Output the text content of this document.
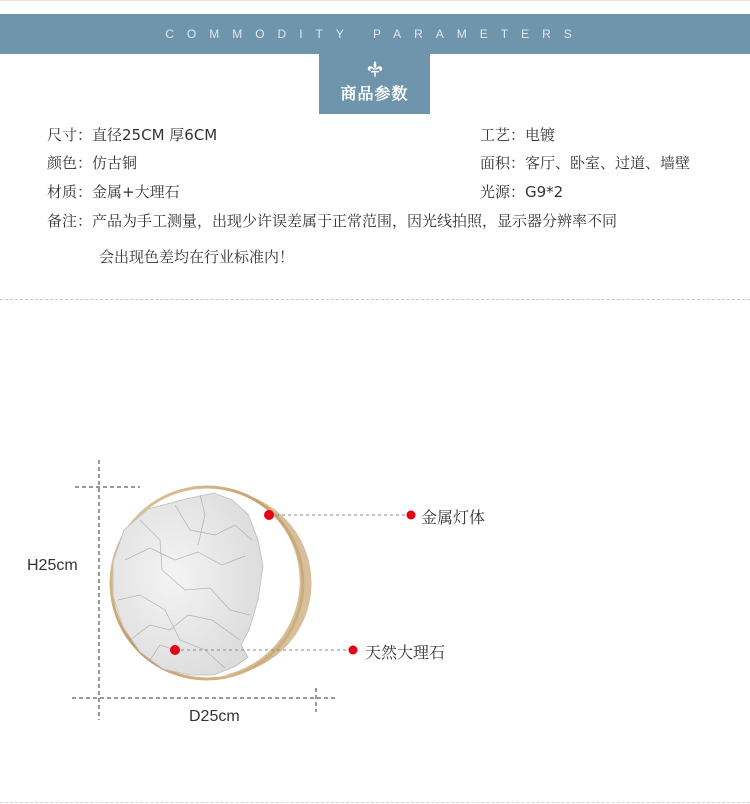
COMMODITY PARAMETERS
商品参数
尺寸：直径25CM 厚6CM	工艺：电镀
颜色：仿古铜	面积：客厅、卧室、过道、墙壁
材质：金属+大理石	光源：G9*2
备注：产品为手工测量，出现少许误差属于正常范围，因光线拍照，显示器分辨率不同
会出现色差均在行业标准内！
H25cm
D25cm
金属灯体
天然大理石
